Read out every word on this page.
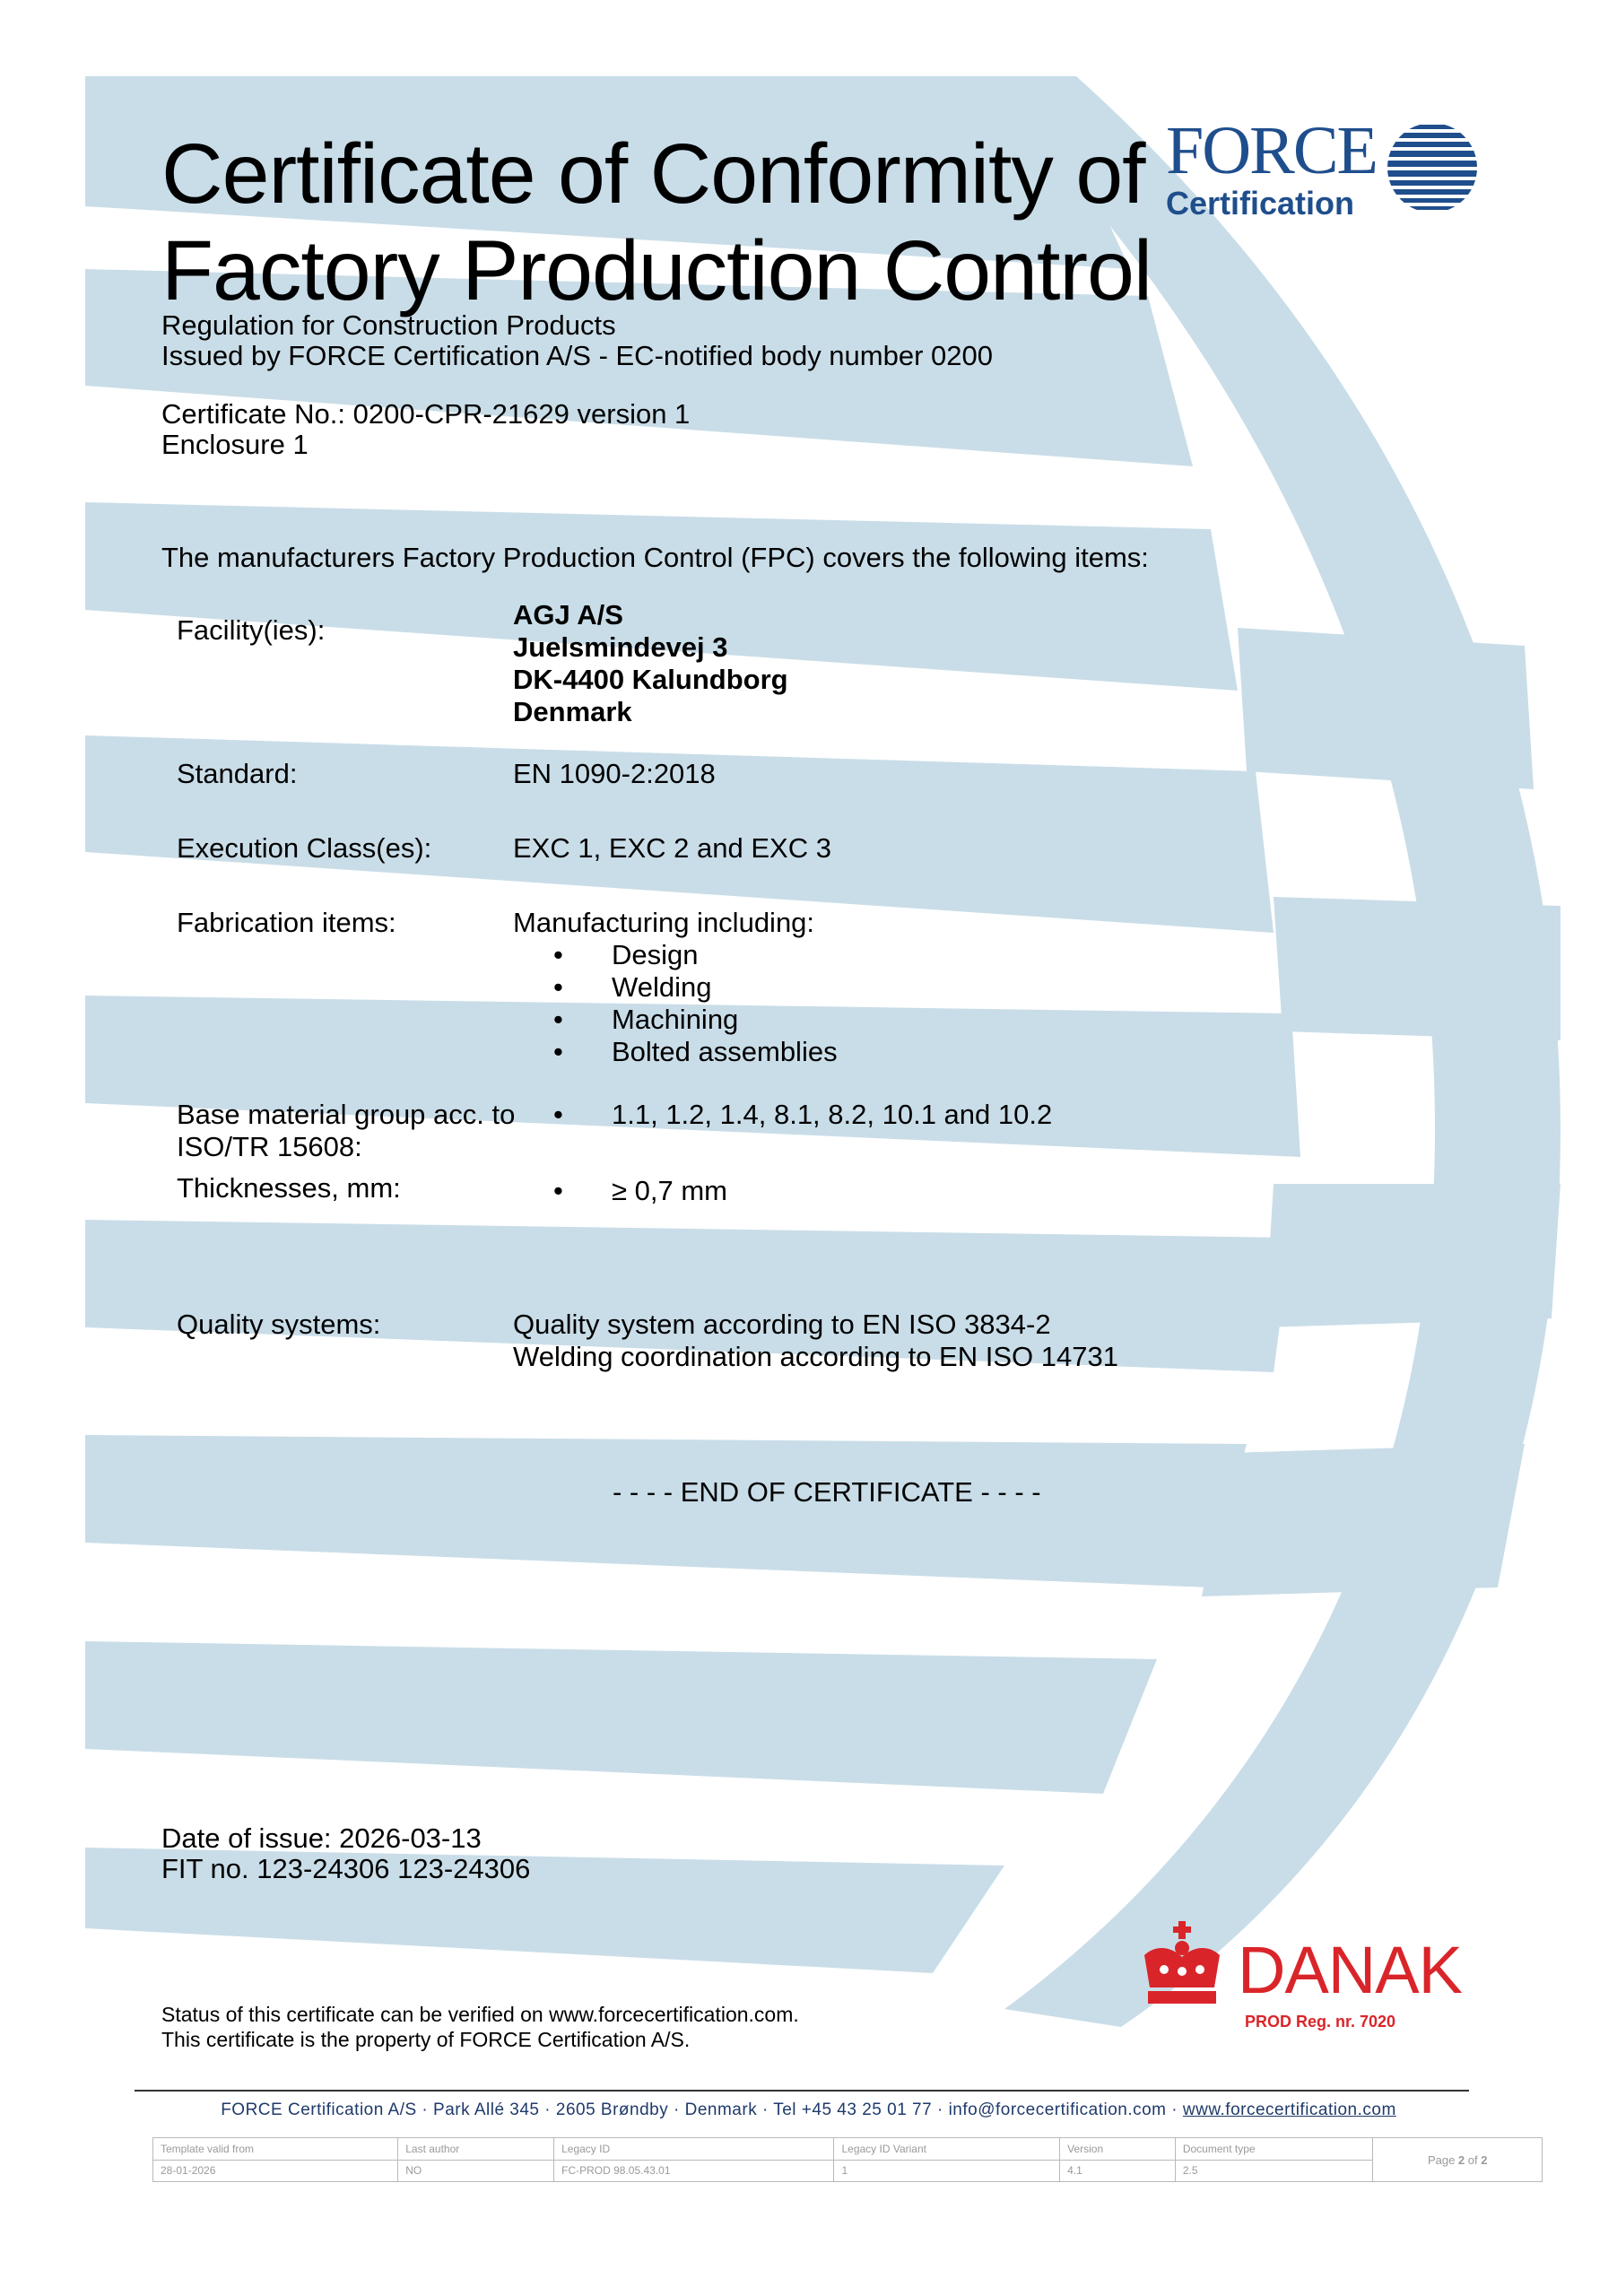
FORCE
Certification
Certificate of Conformity of
Factory Production Control
Regulation for Construction Products
Issued by FORCE Certification A/S - EC-notified body number 0200
Certificate No.: 0200-CPR-21629 version 1
Enclosure 1
The manufacturers Factory Production Control (FPC) covers the following items:
Facility(ies):	AGJ A/S
Juelsmindevej 3
DK-4400 Kalundborg
Denmark
Standard:	EN 1090-2:2018
Execution Class(es):	EXC 1, EXC 2 and EXC 3
Fabrication items:	Manufacturing including:
• Design
• Welding
• Machining
• Bolted assemblies
Base material group acc. to
ISO/TR 15608:
• 1.1, 1.2, 1.4, 8.1, 8.2, 10.1 and 10.2
Thicknesses, mm:	• ≥ 0,7 mm
Quality systems:	Quality system according to EN ISO 3834-2
Welding coordination according to EN ISO 14731
- - - - END OF CERTIFICATE - - - -
Date of issue: 2026-03-13
FIT no. 123-24306 123-24306
Status of this certificate can be verified on www.forcecertification.com.
This certificate is the property of FORCE Certification A/S.
DANAK
PROD Reg. nr. 7020
FORCE Certification A/S · Park Allé 345 · 2605 Brøndby · Denmark · Tel +45 43 25 01 77 · info@forcecertification.com · www.forcecertification.com
Template valid from	Last author	Legacy ID	Legacy ID Variant	Version	Document type	Page 2 of 2
28-01-2026	NO	FC-PROD 98.05.43.01	1	4.1	2.5	
